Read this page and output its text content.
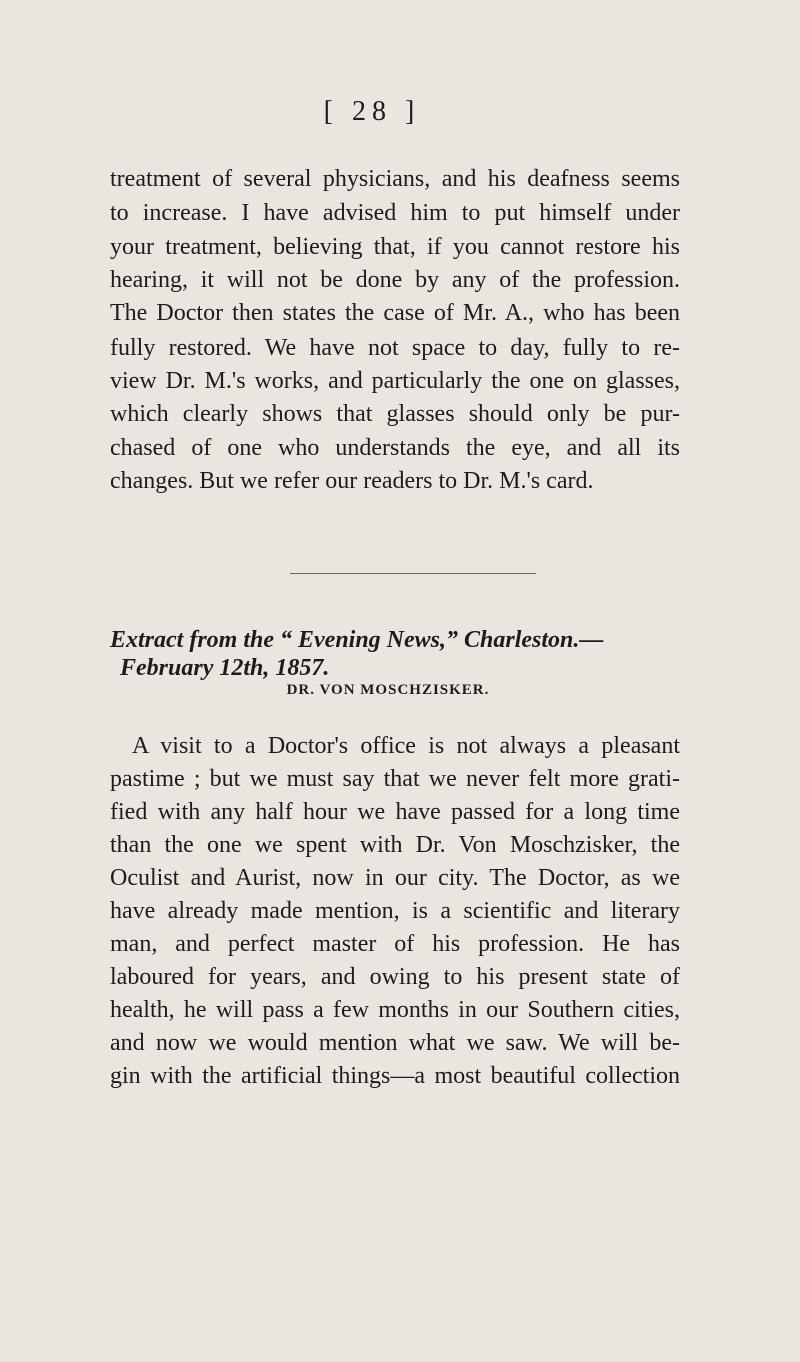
[ 28 ]
treatment of several physicians, and his deafness seems
to increase. I have advised him to put himself under
your treatment, believing that, if you cannot restore his
hearing, it will not be done by any of the profession.
The Doctor then states the case of Mr. A., who has been
fully restored. We have not space to day, fully to re-
view Dr. M.'s works, and particularly the one on glasses,
which clearly shows that glasses should only be pur-
chased of one who understands the eye, and all its
changes. But we refer our readers to Dr. M.'s card.
Extract from the “ Evening News,” Charleston.—
February 12th, 1857.
DR. VON MOSCHZISKER.
A visit to a Doctor's office is not always a pleasant
pastime ; but we must say that we never felt more grati-
fied with any half hour we have passed for a long time
than the one we spent with Dr. Von Moschzisker, the
Oculist and Aurist, now in our city. The Doctor, as we
have already made mention, is a scientific and literary
man, and perfect master of his profession. He has
laboured for years, and owing to his present state of
health, he will pass a few months in our Southern cities,
and now we would mention what we saw. We will be-
gin with the artificial things—a most beautiful collection
